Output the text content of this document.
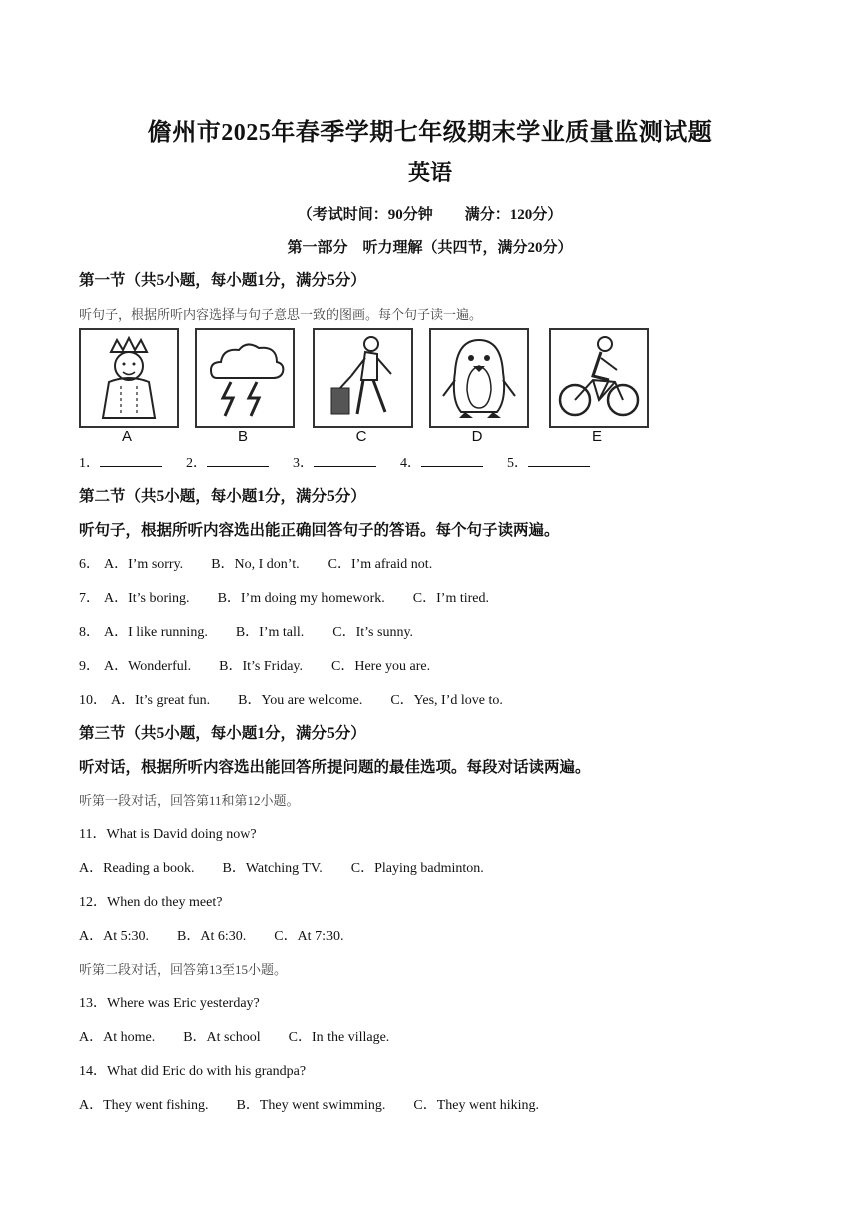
儋州市2025年春季学期七年级期末学业质量监测试题
英语
（考试时间：90分钟 满分：120分）
第一部分　听力理解（共四节，满分20分）
第一节（共5小题，每小题1分，满分5分）
听句子，根据所听内容选择与句子意思一致的图画。每个句子读一遍。
A	B	C	D	E
1．	2．	3．	4．	5．
第二节（共5小题，每小题1分，满分5分）
听句子，根据所听内容选出能正确回答句子的答语。每个句子读两遍。
6． A．I’m sorry. B．No, I don’t. C．I’m afraid not.
7． A．It’s boring. B．I’m doing my homework. C．I’m tired.
8． A．I like running. B．I’m tall. C．It’s sunny.
9． A．Wonderful. B．It’s Friday. C．Here you are.
10． A．It’s great fun. B．You are welcome. C．Yes, I’d love to.
第三节（共5小题，每小题1分，满分5分）
听对话，根据所听内容选出能回答所提问题的最佳选项。每段对话读两遍。
听第一段对话，回答第11和第12小题。
11．What is David doing now?
A．Reading a book. B．Watching TV. C．Playing badminton.
12．When do they meet?
A．At 5:30. B．At 6:30. C．At 7:30.
听第二段对话，回答第13至15小题。
13．Where was Eric yesterday?
A．At home. B．At school C．In the village.
14．What did Eric do with his grandpa?
A．They went fishing. B．They went swimming. C．They went hiking.
